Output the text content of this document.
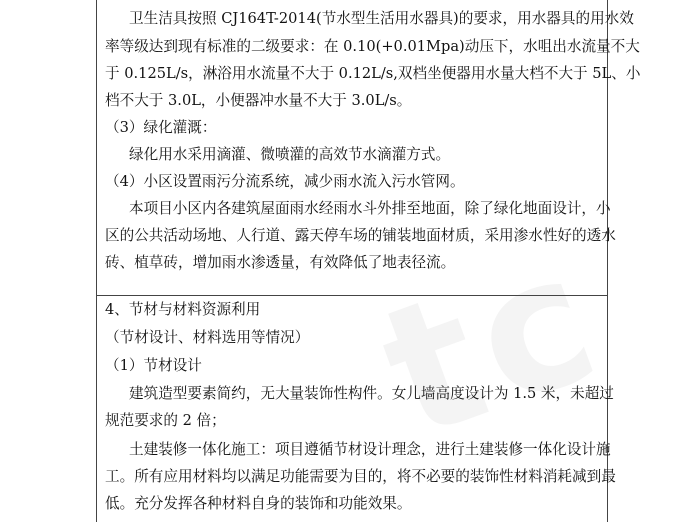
卫生洁具按照 CJ164T-2014(节水型生活用水器具)的要求，用水器具的用水效
率等级达到现有标准的二级要求：在 0.10(+0.01Mpa)动压下，水咀出水流量不大
于 0.125L/s，淋浴用水流量不大于 0.12L/s,双档坐便器用水量大档不大于 5L、小
档不大于 3.0L，小便器冲水量不大于 3.0L/s。
（3）绿化灌溉：
绿化用水采用滴灌、微喷灌的高效节水滴灌方式。
（4）小区设置雨污分流系统，减少雨水流入污水管网。
本项目小区内各建筑屋面雨水经雨水斗外排至地面，除了绿化地面设计，小
区的公共活动场地、人行道、露天停车场的铺装地面材质，采用渗水性好的透水
砖、植草砖，增加雨水渗透量，有效降低了地表径流。
4、节材与材料资源利用
（节材设计、材料选用等情况）
（1）节材设计
建筑造型要素简约，无大量装饰性构件。女儿墙高度设计为 1.5 米，未超过
规范要求的 2 倍；
土建装修一体化施工：项目遵循节材设计理念，进行土建装修一体化设计施
工。所有应用材料均以满足功能需要为目的，将不必要的装饰性材料消耗减到最
低。充分发挥各种材料自身的装饰和功能效果。
